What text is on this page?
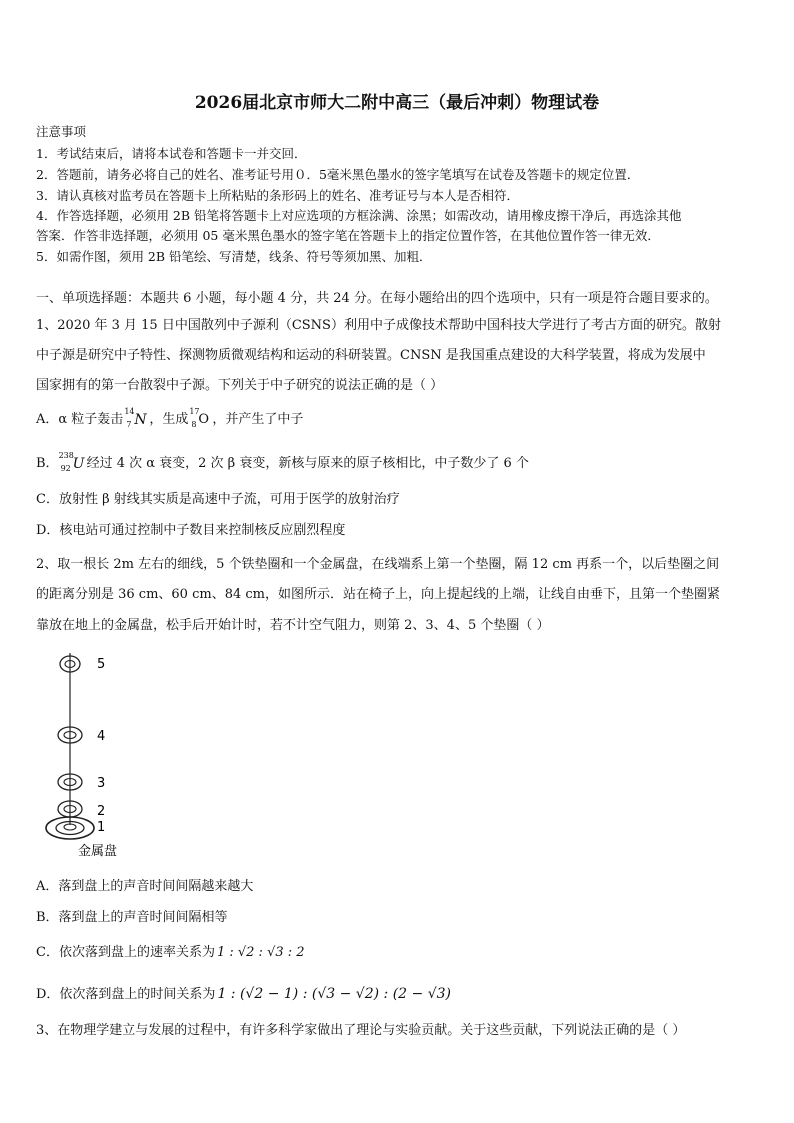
2026届北京市师大二附中高三（最后冲刺）物理试卷
注意事项
1．考试结束后，请将本试卷和答题卡一并交回．
2．答题前，请务必将自己的姓名、准考证号用０．5毫米黑色墨水的签字笔填写在试卷及答题卡的规定位置．
3．请认真核对监考员在答题卡上所粘贴的条形码上的姓名、准考证号与本人是否相符．
4．作答选择题，必须用 2B 铅笔将答题卡上对应选项的方框涂满、涂黑；如需改动，请用橡皮擦干净后，再选涂其他
答案．作答非选择题，必须用 05 毫米黑色墨水的签字笔在答题卡上的指定位置作答，在其他位置作答一律无效．
5．如需作图，须用 2B 铅笔绘、写清楚，线条、符号等须加黑、加粗．
一、单项选择题：本题共 6 小题，每小题 4 分，共 24 分。在每小题给出的四个选项中，只有一项是符合题目要求的。
1、2020 年 3 月 15 日中国散列中子源利（CSNS）利用中子成像技术帮助中国科技大学进行了考古方面的研究。散射
中子源是研究中子特性、探测物质微观结构和运动的科研装置。CNSN 是我国重点建设的大科学装置，将成为发展中
国家拥有的第一台散裂中子源。下列关于中子研究的说法正确的是（ ）
A．α 粒子轰击
14
7 N ，生成
17
8 O ，并产生了中子
B．
238
92 U 经过 4 次 α 衰变，2 次 β 衰变，新核与原来的原子核相比，中子数少了 6 个
C．放射性 β 射线其实质是高速中子流，可用于医学的放射治疗
D．核电站可通过控制中子数目来控制核反应剧烈程度
2、取一根长 2m 左右的细线，5 个铁垫圈和一个金属盘，在线端系上第一个垫圈，隔 12 cm 再系一个，以后垫圈之间
的距离分别是 36 cm、60 cm、84 cm，如图所示．站在椅子上，向上提起线的上端，让线自由垂下，且第一个垫圈紧
靠放在地上的金属盘，松手后开始计时，若不计空气阻力，则第 2、3、4、5 个垫圈（ ）
5
4
3
2
1
金属盘
A．落到盘上的声音时间间隔越来越大
B．落到盘上的声音时间间隔相等
C．依次落到盘上的速率关系为 1 : √2 : √3 : 2
D．依次落到盘上的时间关系为 1 : (√2 − 1) : (√3 − √2) : (2 − √3)
3、在物理学建立与发展的过程中，有许多科学家做出了理论与实验贡献。关于这些贡献，下列说法正确的是（ ）
